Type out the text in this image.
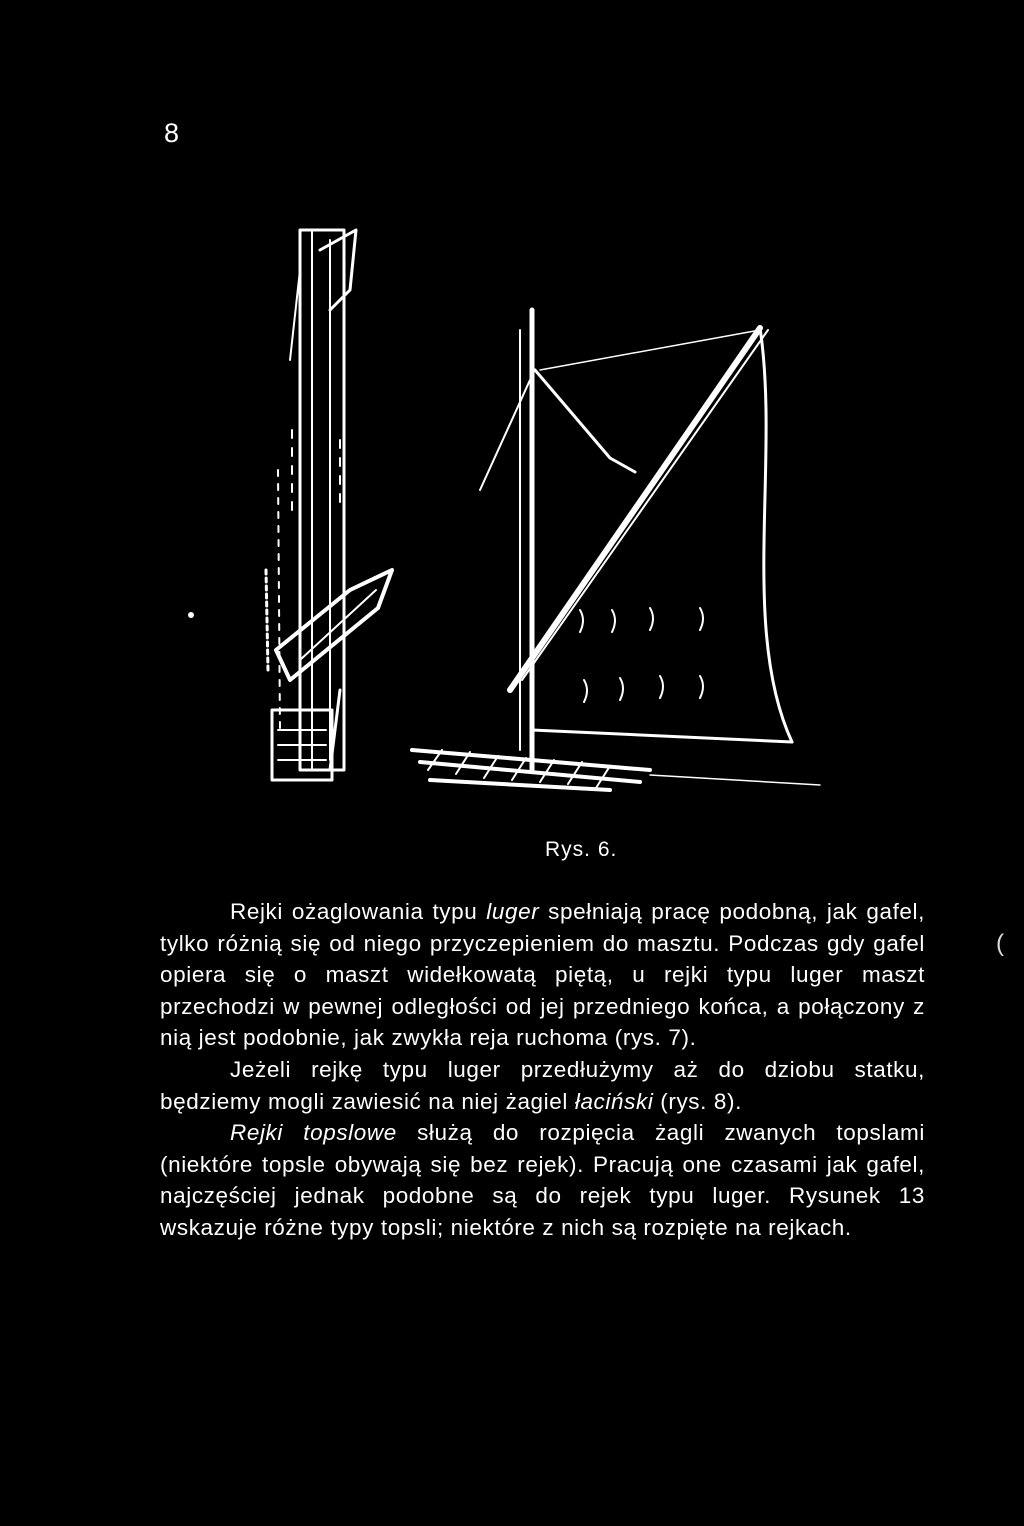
8
Rys. 6.

Rejki ożaglowania typu luger spełniają pracę podobną, jak gafel, tylko różnią się od niego przyczepieniem do masztu. Podczas gdy gafel opiera się o maszt widełkowatą piętą, u rejki typu luger maszt przechodzi w pewnej odległości od jej przedniego końca, a połączony z nią jest podobnie, jak zwykła reja ruchoma (rys. 7).

Jeżeli rejkę typu luger przedłużymy aż do dziobu statku, będziemy mogli zawiesić na niej żagiel łaciński (rys. 8).

Rejki topslowe służą do rozpięcia żagli zwanych topslami (niektóre topsle obywają się bez rejek). Pracują one czasami jak gafel, najczęściej jednak podobne są do rejek typu luger. Rysunek 13 wskazuje różne typy topsli; niektóre z nich są rozpięte na rejkach.

(
